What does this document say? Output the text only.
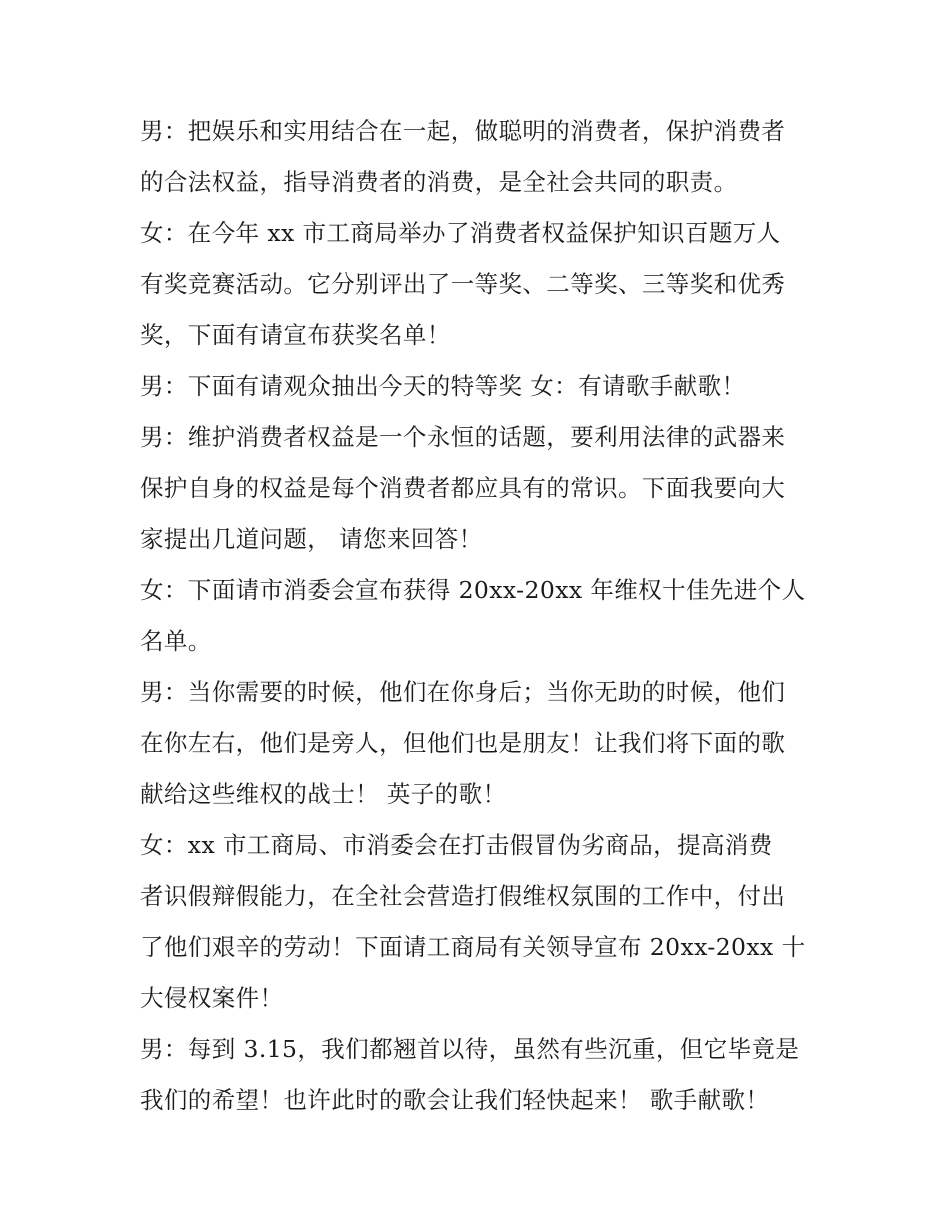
男：把娱乐和实用结合在一起，做聪明的消费者，保护消费者
的合法权益，指导消费者的消费，是全社会共同的职责。
女：在今年 xx 市工商局举办了消费者权益保护知识百题万人
有奖竞赛活动。它分别评出了一等奖、二等奖、三等奖和优秀
奖，下面有请宣布获奖名单！
男：下面有请观众抽出今天的特等奖 女：有请歌手献歌！
男：维护消费者权益是一个永恒的话题，要利用法律的武器来
保护自身的权益是每个消费者都应具有的常识。下面我要向大
家提出几道问题， 请您来回答！
女：下面请市消委会宣布获得 20xx-20xx 年维权十佳先进个人
名单。
男：当你需要的时候，他们在你身后；当你无助的时候，他们
在你左右，他们是旁人，但他们也是朋友！让我们将下面的歌
献给这些维权的战士！ 英子的歌！
女：xx 市工商局、市消委会在打击假冒伪劣商品，提高消费
者识假辩假能力，在全社会营造打假维权氛围的工作中，付出
了他们艰辛的劳动！下面请工商局有关领导宣布 20xx-20xx 十
大侵权案件！
男：每到 3.15，我们都翘首以待，虽然有些沉重，但它毕竟是
我们的希望！也许此时的歌会让我们轻快起来！ 歌手献歌！
